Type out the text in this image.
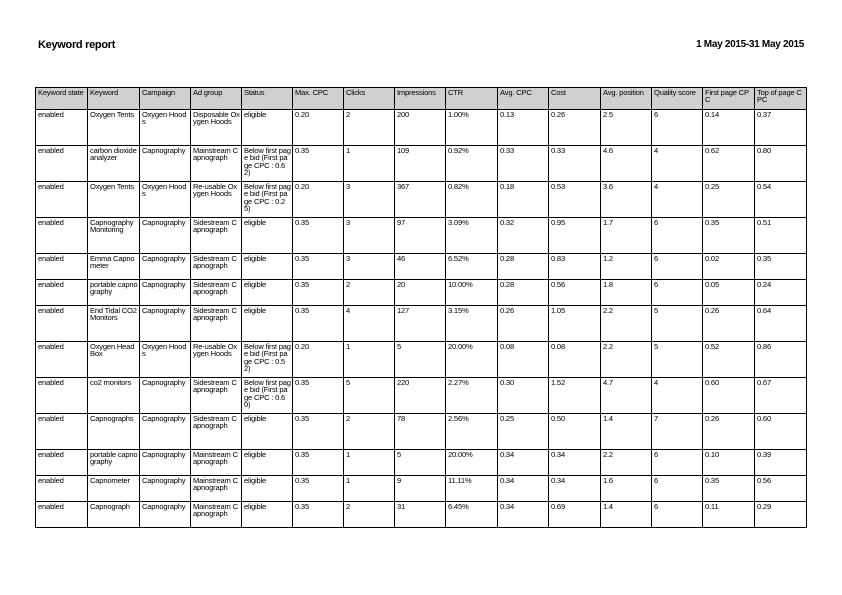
Keyword report	1 May 2015-31 May 2015
Keyword state	Keyword	Campaign	Ad group	Status	Max. CPC	Clicks	Impressions	CTR	Avg. CPC	Cost	Avg. position	Quality score	First page CPC	Top of page CPC
enabled	Oxygen Tents	Oxygen Hoods	Disposable Oxygen Hoods	eligible	0.20	2	200	1.00%	0.13	0.26	2.5	6	0.14	0.37
enabled	carbon dioxide analyzer	Capnography	Mainstream Capnograph	Below first page bid (First page CPC : 0.62)	0.35	1	109	0.92%	0.33	0.33	4.6	4	0.62	0.80
enabled	Oxygen Tents	Oxygen Hoods	Re-usable Oxygen Hoods	Below first page bid (First page CPC : 0.25)	0.20	3	367	0.82%	0.18	0.53	3.6	4	0.25	0.54
enabled	Capnography Monitoring	Capnography	Sidestream Capnograph	eligible	0.35	3	97	3.09%	0.32	0.95	1.7	6	0.35	0.51
enabled	Emma Capnometer	Capnography	Sidestream Capnograph	eligible	0.35	3	46	6.52%	0.28	0.83	1.2	6	0.02	0.35
enabled	portable capnography	Capnography	Sidestream Capnograph	eligible	0.35	2	20	10.00%	0.28	0.56	1.8	6	0.05	0.24
enabled	End Tidal CO2 Monitors	Capnography	Sidestream Capnograph	eligible	0.35	4	127	3.15%	0.26	1.05	2.2	5	0.26	0.64
enabled	Oxygen Head Box	Oxygen Hoods	Re-usable Oxygen Hoods	Below first page bid (First page CPC : 0.52)	0.20	1	5	20.00%	0.08	0.08	2.2	5	0.52	0.86
enabled	co2 monitors	Capnography	Sidestream Capnograph	Below first page bid (First page CPC : 0.60)	0.35	5	220	2.27%	0.30	1.52	4.7	4	0.60	0.67
enabled	Capnographs	Capnography	Sidestream Capnograph	eligible	0.35	2	78	2.56%	0.25	0.50	1.4	7	0.26	0.60
enabled	portable capnography	Capnography	Mainstream Capnograph	eligible	0.35	1	5	20.00%	0.34	0.34	2.2	6	0.10	0.39
enabled	Capnometer	Capnography	Mainstream Capnograph	eligible	0.35	1	9	11.11%	0.34	0.34	1.6	6	0.35	0.56
enabled	Capnograph	Capnography	Mainstream Capnograph	eligible	0.35	2	31	6.45%	0.34	0.69	1.4	6	0.11	0.29
